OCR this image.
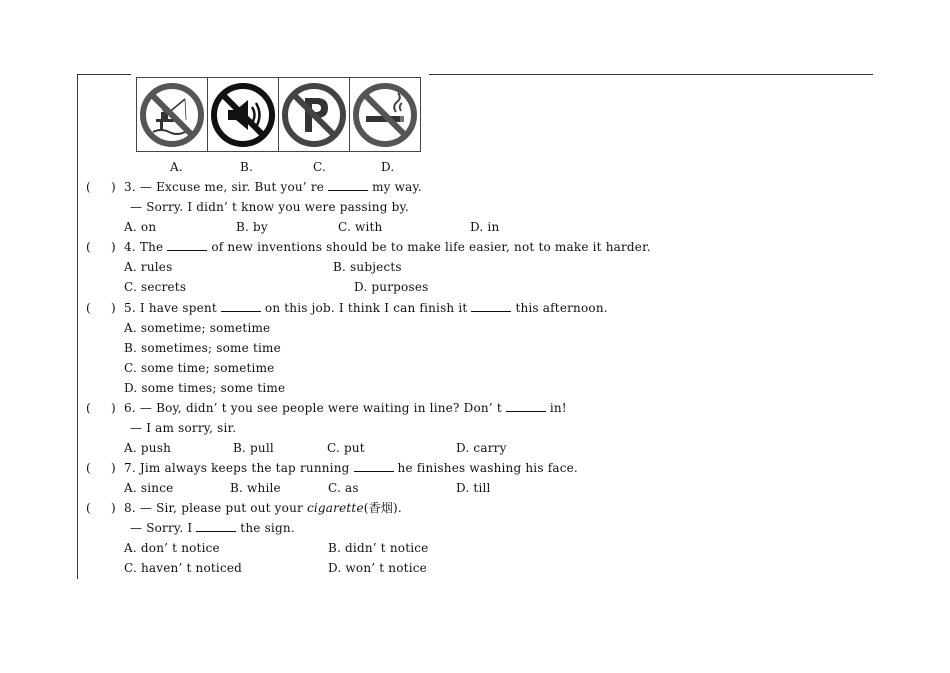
A.	B.	C.	D.
( ) 3. — Excuse me, sir. But you’ re	my way.
— Sorry. I didn’ t know you were passing by.
A. on	B. by	C. with	D. in
( ) 4. The	of new inventions should be to make life easier, not to make it harder.
A. rules	B. subjects
C. secrets	D. purposes
( ) 5. I have spent	on this job. I think I can finish it	this afternoon.
A. sometime; sometime
B. sometimes; some time
C. some time; sometime
D. some times; some time
( ) 6. — Boy, didn’ t you see people were waiting in line? Don’ t	in!
— I am sorry, sir.
A. push	B. pull	C. put	D. carry
( ) 7. Jim always keeps the tap running	he finishes washing his face.
A. since	B. while	C. as	D. till
( ) 8. — Sir, please put out your cigarette(香烟).
— Sorry. I	the sign.
A. don’ t notice	B. didn’ t notice
C. haven’ t noticed	D. won’ t notice
